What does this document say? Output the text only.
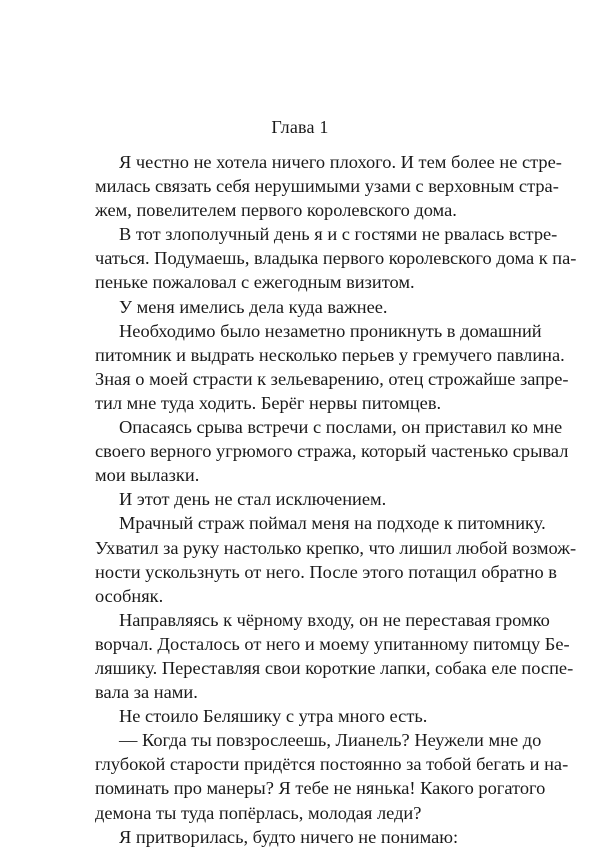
Глава 1
Я честно не хотела ничего плохого. И тем более не стре-
милась связать себя нерушимыми узами с верховным стра-
жем, повелителем первого королевского дома.
В тот злополучный день я и с гостями не рвалась встре-
чаться. Подумаешь, владыка первого королевского дома к па-
пеньке пожаловал с ежегодным визитом.
У меня имелись дела куда важнее.
Необходимо было незаметно проникнуть в домашний
питомник и выдрать несколько перьев у гремучего павлина.
Зная о моей страсти к зельеварению, отец строжайше запре-
тил мне туда ходить. Берёг нервы питомцев.
Опасаясь срыва встречи с послами, он приставил ко мне
своего верного угрюмого стража, который частенько срывал
мои вылазки.
И этот день не стал исключением.
Мрачный страж поймал меня на подходе к питомнику.
Ухватил за руку настолько крепко, что лишил любой возмож-
ности ускользнуть от него. После этого потащил обратно в
особняк.
Направляясь к чёрному входу, он не переставая громко
ворчал. Досталось от него и моему упитанному питомцу Бе-
ляшику. Переставляя свои короткие лапки, собака еле поспе-
вала за нами.
Не стоило Беляшику с утра много есть.
— Когда ты повзрослеешь, Лианель? Неужели мне до
глубокой старости придётся постоянно за тобой бегать и на-
поминать про манеры? Я тебе не нянька! Какого рогатого
демона ты туда попёрлась, молодая леди?
Я притворилась, будто ничего не понимаю:
